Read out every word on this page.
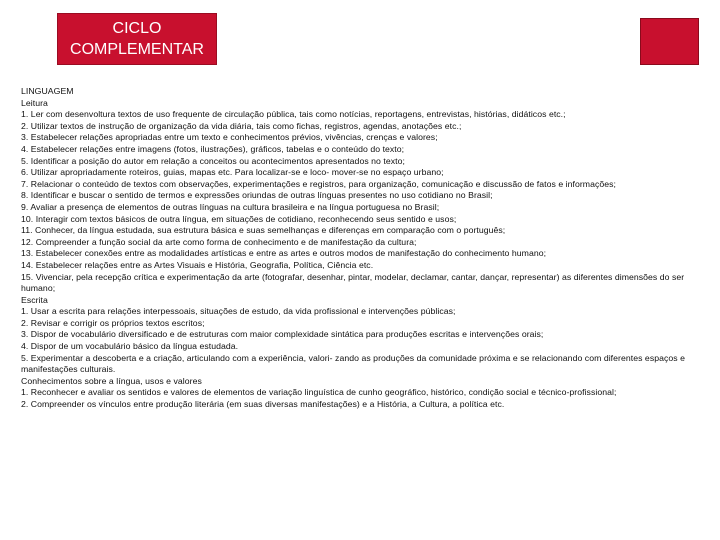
CICLO
COMPLEMENTAR
LINGUAGEM
Leitura
1. Ler com desenvoltura textos de uso frequente de circulação pública, tais como notícias, reportagens, entrevistas, histórias, didáticos etc.;
2. Utilizar textos de instrução de organização da vida diária, tais como fichas, registros, agendas, anotações etc.;
3. Estabelecer relações apropriadas entre um texto e conhecimentos prévios, vivências, crenças e valores;
4. Estabelecer relações entre imagens (fotos, ilustrações), gráficos, tabelas e o conteúdo do texto;
5. Identificar a posição do autor em relação a conceitos ou acontecimentos apresentados no texto;
6. Utilizar apropriadamente roteiros, guias, mapas etc. Para localizar-se e loco- mover-se no espaço urbano;
7. Relacionar o conteúdo de textos com observações, experimentações e registros, para organização, comunicação e discussão de fatos e informações;
8. Identificar e buscar o sentido de termos e expressões oriundas de outras línguas presentes no uso cotidiano no Brasil;
9. Avaliar a presença de elementos de outras línguas na cultura brasileira e na língua portuguesa no Brasil;
10. Interagir com textos básicos de outra língua, em situações de cotidiano, reconhecendo seus sentido e usos;
11. Conhecer, da língua estudada, sua estrutura básica e suas semelhanças e diferenças em comparação com o português;
12. Compreender a função social da arte como forma de conhecimento e de manifestação da cultura;
13. Estabelecer conexões entre as modalidades artísticas e entre as artes e outros modos de manifestação do conhecimento humano;
14. Estabelecer relações entre as Artes Visuais e História, Geografia, Política, Ciência etc.
15. Vivenciar, pela recepção crítica e experimentação da arte (fotografar, desenhar, pintar, modelar, declamar, cantar, dançar, representar) as diferentes dimensões do ser humano;
Escrita
1. Usar a escrita para relações interpessoais, situações de estudo, da vida profissional e intervenções públicas;
2. Revisar e corrigir os próprios textos escritos;
3. Dispor de vocabulário diversificado e de estruturas com maior complexidade sintática para produções escritas e intervenções orais;
4. Dispor de um vocabulário básico da língua estudada.
5. Experimentar a descoberta e a criação, articulando com a experiência, valori- zando as produções da comunidade próxima e se relacionando com diferentes espaços e manifestações culturais.
Conhecimentos sobre a língua, usos e valores
1. Reconhecer e avaliar os sentidos e valores de elementos de variação linguística de cunho geográfico, histórico, condição social e técnico-profissional;
2. Compreender os vínculos entre produção literária (em suas diversas manifestações) e a História, a Cultura, a política etc.
